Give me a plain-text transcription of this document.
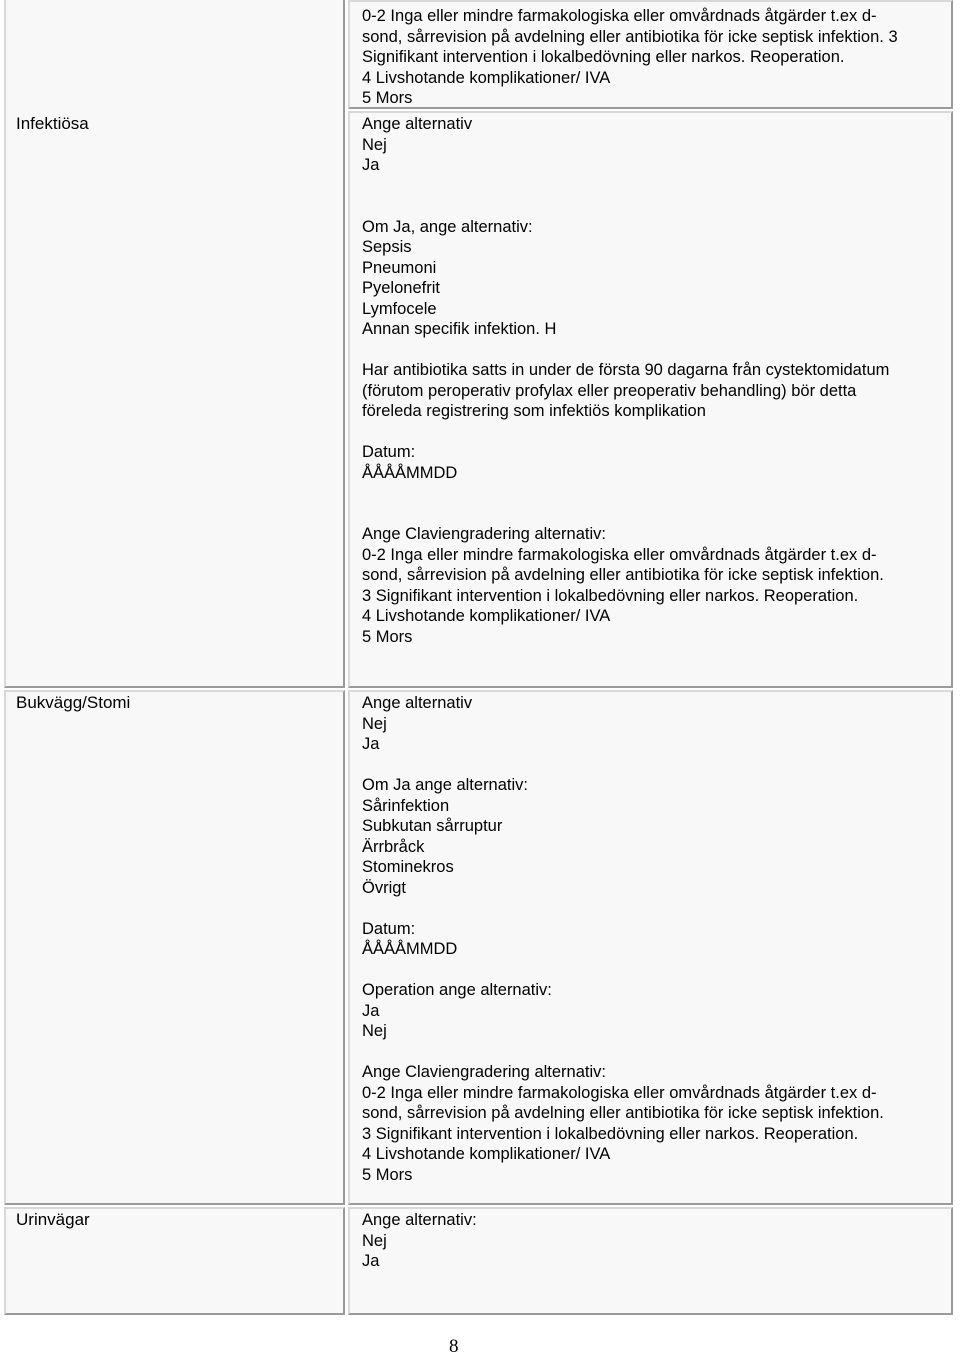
Infektiösa
Bukvägg/Stomi
Urinvägar
0-2 Inga eller mindre farmakologiska eller omvårdnads åtgärder t.ex d-
sond, sårrevision på avdelning eller antibiotika för icke septisk infektion. 3
Signifikant intervention i lokalbedövning eller narkos. Reoperation.
4 Livshotande komplikationer/ IVA
5 Mors
Ange alternativ
Nej
Ja
Om Ja, ange alternativ:
Sepsis
Pneumoni
Pyelonefrit
Lymfocele
Annan specifik infektion. H
Har antibiotika satts in under de första 90 dagarna från cystektomidatum
(förutom peroperativ profylax eller preoperativ behandling) bör detta
föreleda registrering som infektiös komplikation
Datum:
ÅÅÅÅMMDD
Ange Claviengradering alternativ:
0-2 Inga eller mindre farmakologiska eller omvårdnads åtgärder t.ex d-
sond, sårrevision på avdelning eller antibiotika för icke septisk infektion.
3 Signifikant intervention i lokalbedövning eller narkos. Reoperation.
4 Livshotande komplikationer/ IVA
5 Mors
Ange alternativ
Nej
Ja
Om Ja ange alternativ:
Sårinfektion
Subkutan sårruptur
Ärrbråck
Stominekros
Övrigt
Datum:
ÅÅÅÅMMDD
Operation ange alternativ:
Ja
Nej
Ange Claviengradering alternativ:
0-2 Inga eller mindre farmakologiska eller omvårdnads åtgärder t.ex d-
sond, sårrevision på avdelning eller antibiotika för icke septisk infektion.
3 Signifikant intervention i lokalbedövning eller narkos. Reoperation.
4 Livshotande komplikationer/ IVA
5 Mors
Ange alternativ:
Nej
Ja
8
